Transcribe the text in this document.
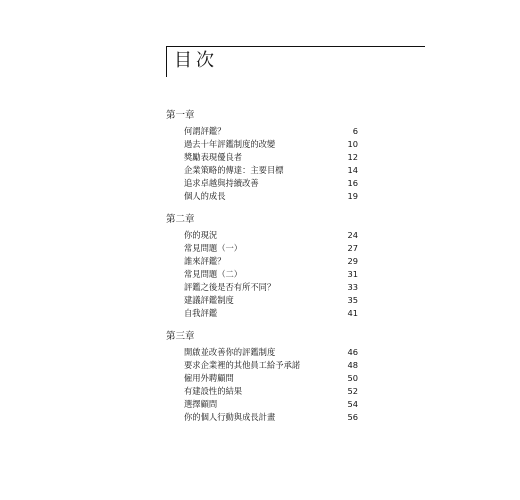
目次
第一章
何謂評鑑？	6
過去十年評鑑制度的改變	10
獎勵表現優良者	12
企業策略的傳達：主要目標	14
追求卓越與持續改善	16
個人的成長	19
第二章
你的現況	24
常見問題（一）	27
誰來評鑑？	29
常見問題（二）	31
評鑑之後是否有所不同？	33
建議評鑑制度	35
自我評鑑	41
第三章
開啟並改善你的評鑑制度	46
要求企業裡的其他員工給予承諾	48
僱用外聘顧問	50
有建設性的結果	52
選擇顧問	54
你的個人行動與成長計畫	56
